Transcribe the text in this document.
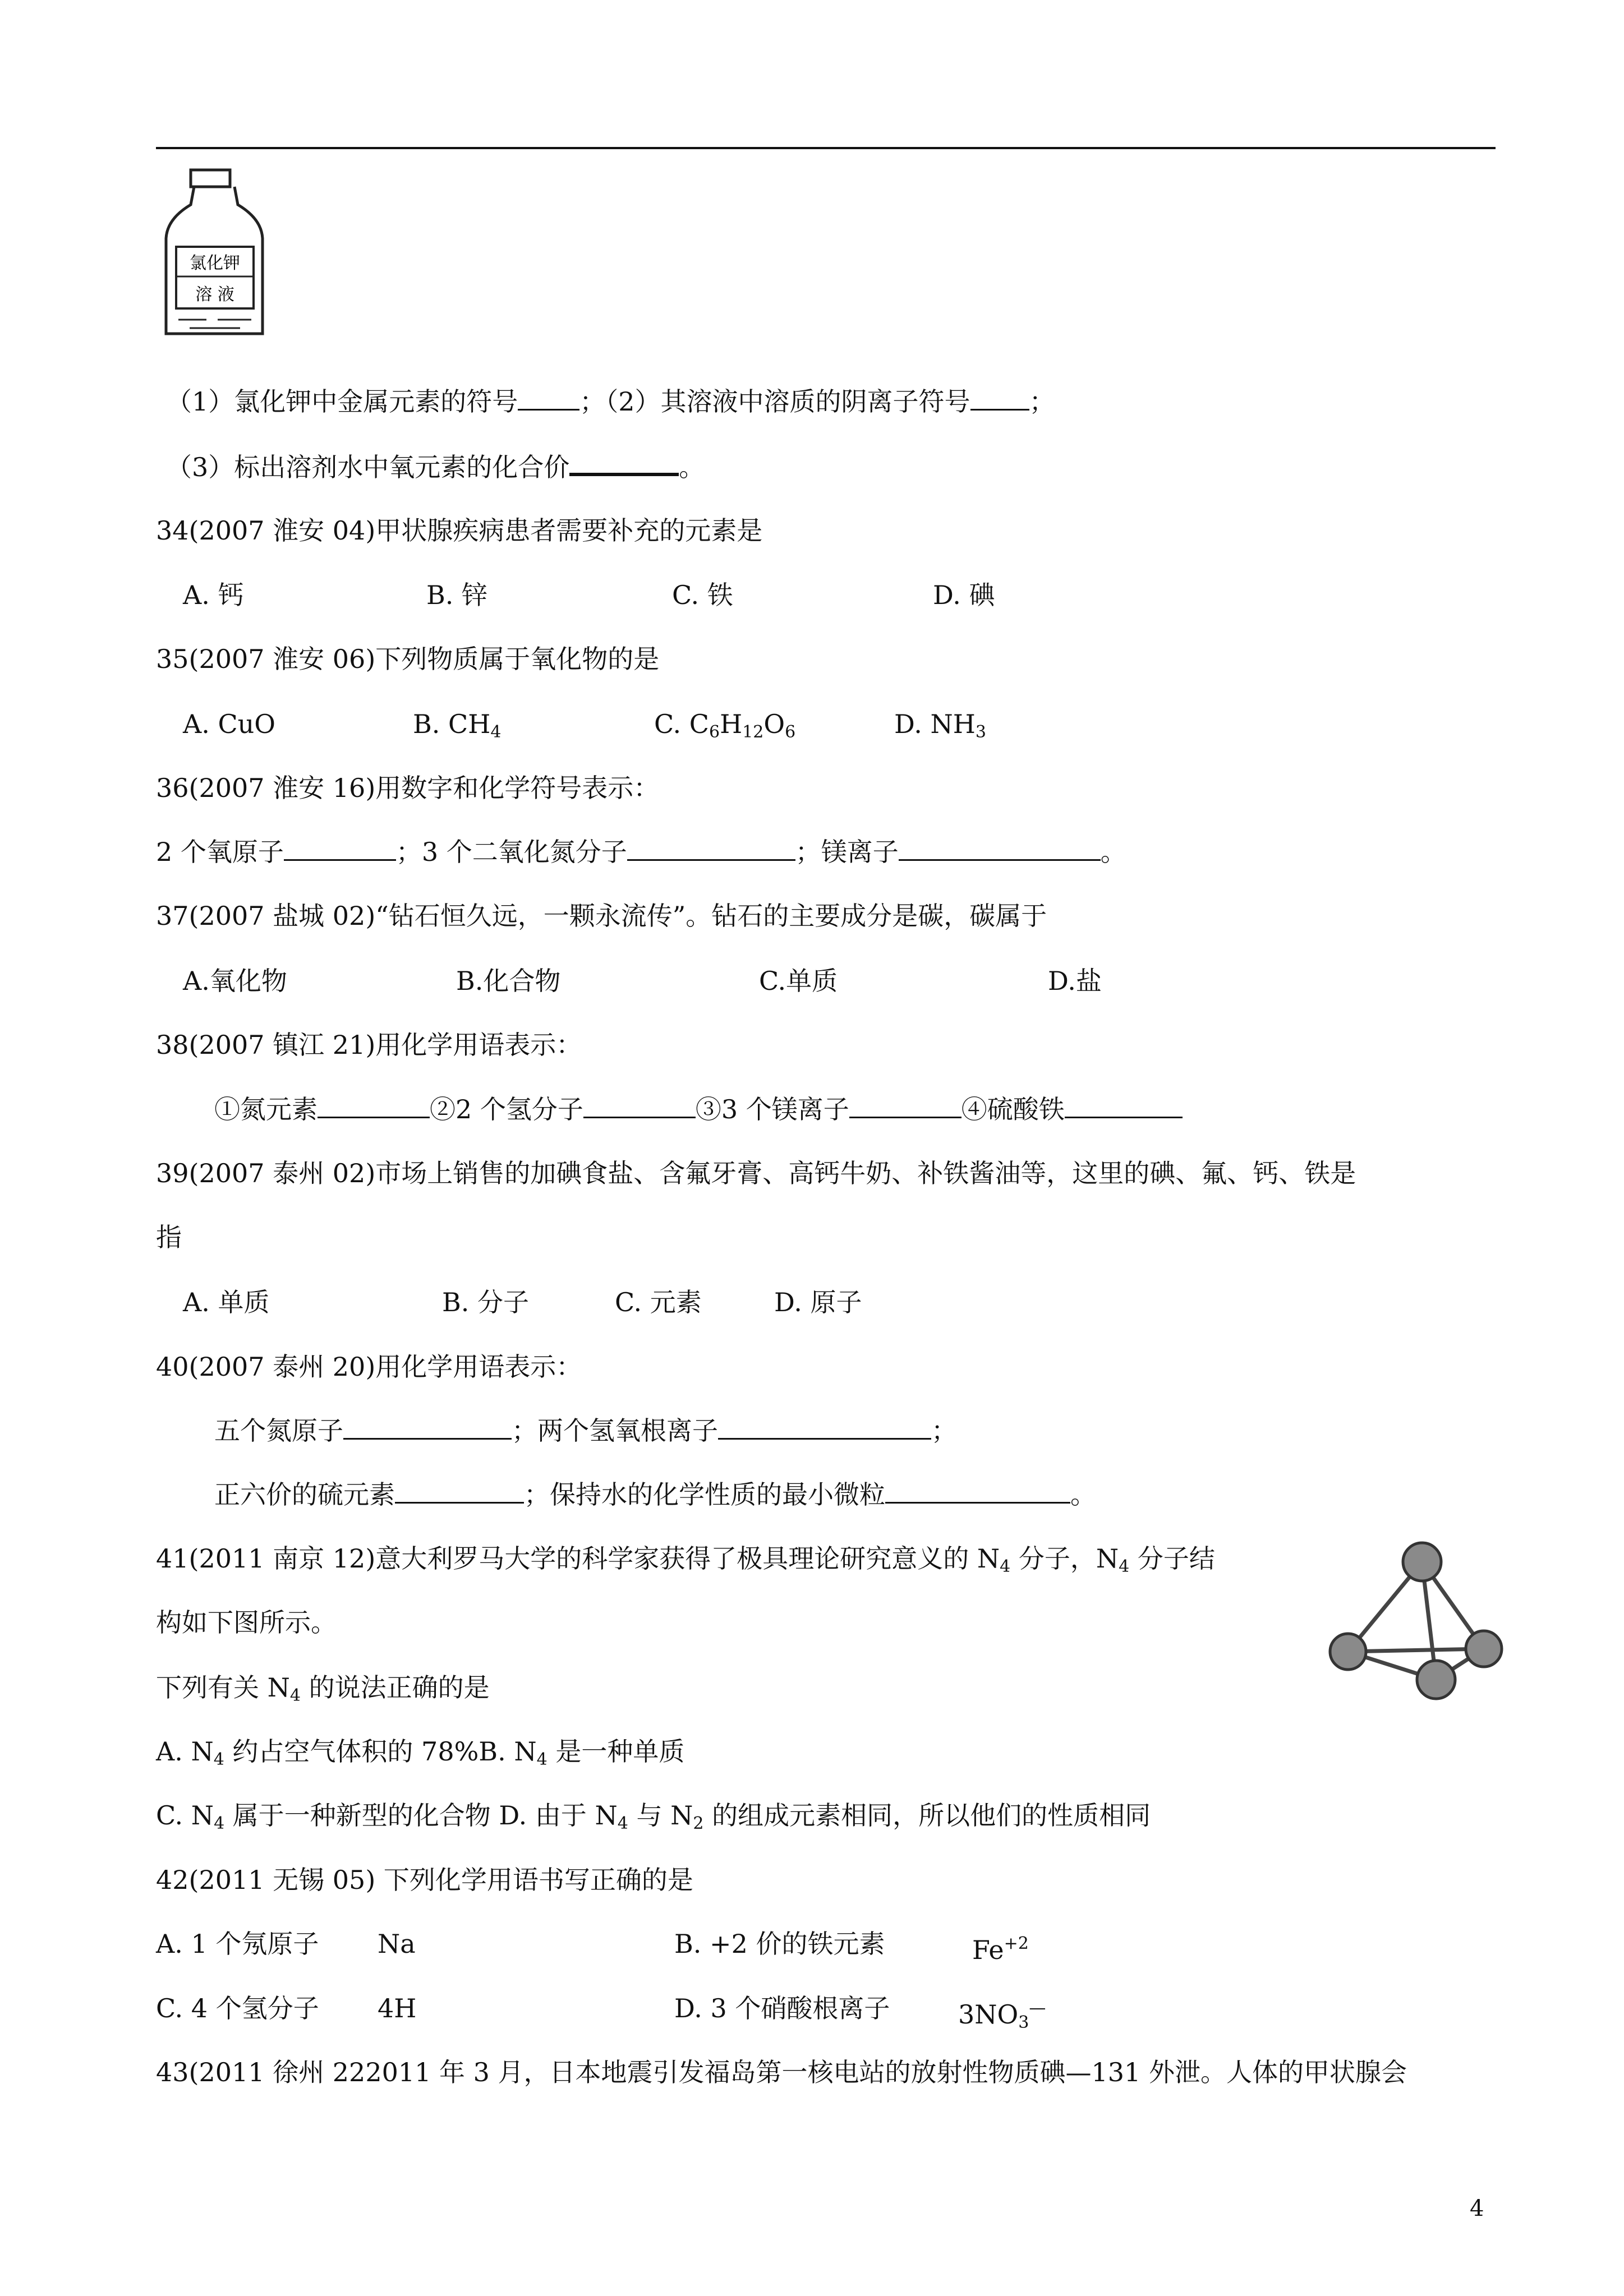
氯化钾
溶 液
（1）氯化钾中金属元素的符号 ；（2）其溶液中溶质的阴离子符号 ；
（3）标出溶剂水中氧元素的化合价	。
34(2007 淮安 04)甲状腺疾病患者需要补充的元素是
A. 钙	B. 锌	C. 铁	D. 碘
35(2007 淮安 06)下列物质属于氧化物的是
A. CuO	B. $CH_4$	C. $C_6H_{12}O_6$	D. $NH_3$
36(2007 淮安 16)用数字和化学符号表示：
2 个氧原子	；3 个二氧化氮分子	；镁离子	。
37(2007 盐城 02)“钻石恒久远，一颗永流传”。钻石的主要成分是碳，碳属于
A.氧化物	B.化合物	C.单质	D.盐
38(2007 镇江 21)用化学用语表示：
①氮元素	②2 个氢分子	③3 个镁离子	④硫酸铁
39(2007 泰州 02)市场上销售的加碘食盐、含氟牙膏、高钙牛奶、补铁酱油等，这里的碘、氟、钙、铁是
指
A. 单质	B. 分子	C. 元素	D. 原子
40(2007 泰州 20)用化学用语表示：
五个氮原子	；两个氢氧根离子	；
正六价的硫元素	；保持水的化学性质的最小微粒	。
41(2011 南京 12)意大利罗马大学的科学家获得了极具理论研究意义的 $N_4$ 分子，$N_4$ 分子结
构如下图所示。
下列有关 $N_4$ 的说法正确的是
A. $N_4$ 约占空气体积的 78%B. $N_4$ 是一种单质
C. $N_4$ 属于一种新型的化合物 D. 由于 $N_4$ 与 $N_2$ 的组成元素相同，所以他们的性质相同
42(2011 无锡 05) 下列化学用语书写正确的是
A. 1 个氖原子 Na	B. +2 价的铁元素	$Fe^{+2}$
C. 4 个氢分子 4H	D. 3 个硝酸根离子	$3NO_3^—$
43(2011 徐州 222011 年 3 月，日本地震引发福岛第一核电站的放射性物质碘—131 外泄。人体的甲状腺会
4
